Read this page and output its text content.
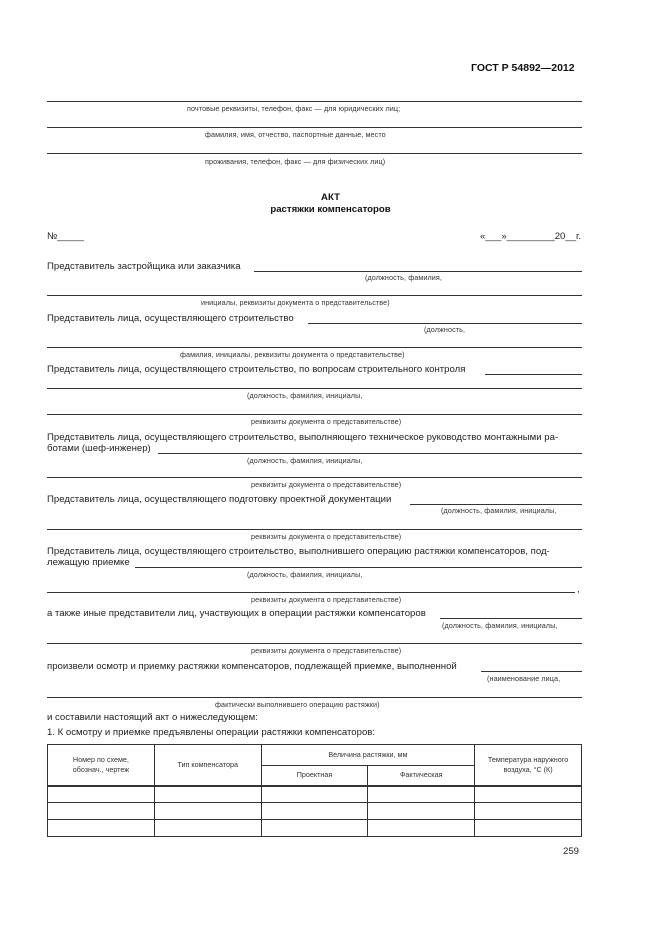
ГОСТ Р 54892—2012
почтовые реквизиты, телефон, факс — для юридических лиц;
фамилия, имя, отчество, паспортные данные, место
проживания, телефон, факс — для физических лиц)
АКТ
растяжки компенсаторов
№_____	«___»_________20__г.
Представитель застройщика или заказчика
(должность, фамилия,
инициалы, реквизиты документа о представительстве)
Представитель лица, осуществляющего строительство
(должность,
фамилия, инициалы, реквизиты документа о представительстве)
Представитель лица, осуществляющего строительство, по вопросам строительного контроля
(должность, фамилия, инициалы,
реквизиты документа о представительстве)
Представитель лица, осуществляющего строительство, выполняющего техническое руководство монтажными ра-
ботами (шеф-инженер)
(должность, фамилия, инициалы,
реквизиты документа о представительстве)
Представитель лица, осуществляющего подготовку проектной документации
(должность, фамилия, инициалы,
реквизиты документа о представительстве)
Представитель лица, осуществляющего строительство, выполнившего операцию растяжки компенсаторов, под-
лежащую приемке
(должность, фамилия, инициалы,
,
реквизиты документа о представительстве)
а также иные представители лиц, участвующих в операции растяжки компенсаторов
(должность, фамилия, инициалы,
реквизиты документа о представительстве)
произвели осмотр и приемку растяжки компенсаторов, подлежащей приемке, выполненной
(наименование лица,
фактически выполнившего операцию растяжки)
и составили настоящий акт о нижеследующем:
1. К осмотру и приемке предъявлены операции растяжки компенсаторов:
Номер по схеме, обознач., чертеж	Тип компенсатора	Величина растяжки, мм		Температура наружного воздуха, °С (К)
		Проектная	Фактическая	

259
